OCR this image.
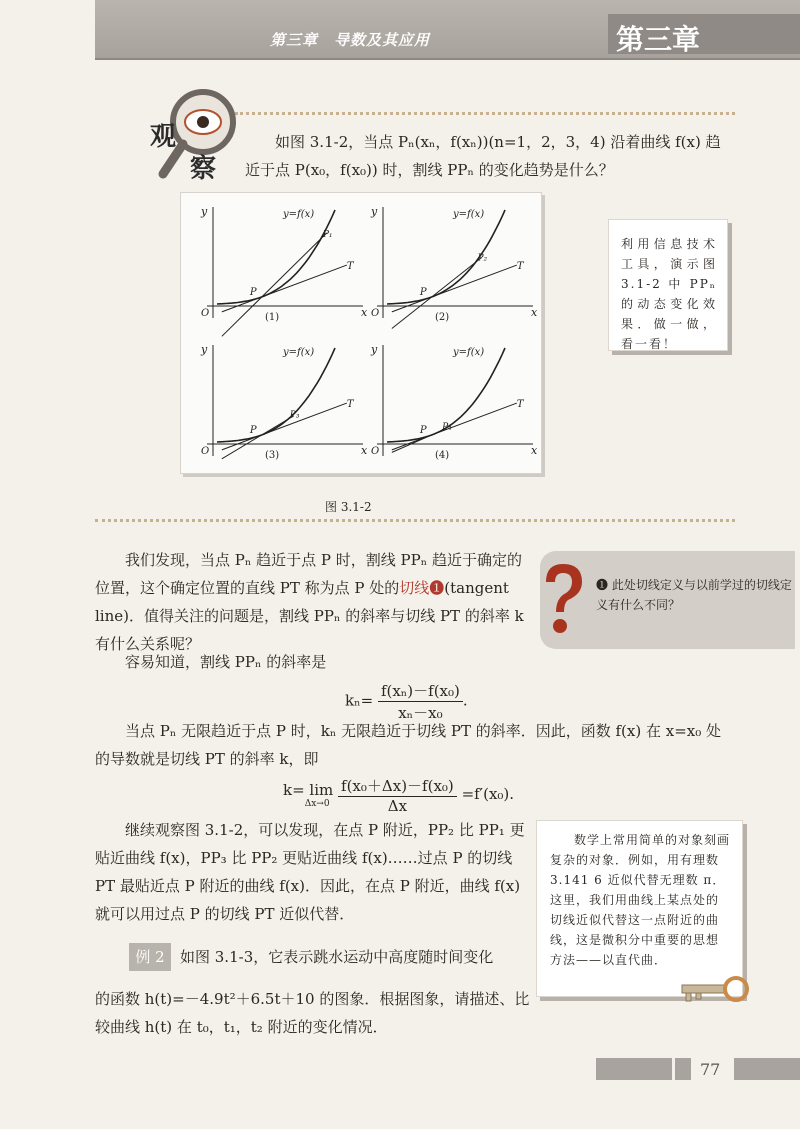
第三章　导数及其应用	第三章
观
察
如图 3.1-2，当点 Pₙ(xₙ，f(xₙ))(n=1，2，3，4) 沿着曲线 f(x) 趋近于点 P(x₀，f(x₀)) 时，割线 PPₙ 的变化趋势是什么？
x
y
O
T
P₁
P
y=f(x)
(1)	x
y
O
T
P₂
P
y=f(x)
(2)
x
y
O
T
P₃
P
y=f(x)
(3)	x
y
O
T
P₄
P
y=f(x)
(4)
图 3.1-2
利用信息技术工具，演示图 3.1-2 中 PPₙ 的动态变化效果．做一做，看一看！
我们发现，当点 Pₙ 趋近于点 P 时，割线 PPₙ 趋近于确定的位置，这个确定位置的直线 PT 称为点 P 处的切线❶(tangent line)．值得关注的问题是，割线 PPₙ 的斜率与切线 PT 的斜率 k 有什么关系呢？
❶ 此处切线定义与以前学过的切线定义有什么不同？
容易知道，割线 PPₙ 的斜率是
$k_n= \frac{\text{f(xₙ)－f(x₀)}}{\text{xₙ－x₀}}$ .
当点 Pₙ 无限趋近于点 P 时，kₙ 无限趋近于切线 PT 的斜率．因此，函数 f(x) 在 x=x₀ 处的导数就是切线 PT 的斜率 k，即
k= lim
Δx→0
$\frac{\text{f(x₀＋Δx)－f(x₀)}}{\Delta x} =f'(x_0)$.
继续观察图 3.1-2，可以发现，在点 P 附近，PP₂ 比 PP₁ 更贴近曲线 f(x)，PP₃ 比 PP₂ 更贴近曲线 f(x)……过点 P 的切线 PT 最贴近点 P 附近的曲线 f(x)．因此，在点 P 附近，曲线 f(x) 就可以用过点 P 的切线 PT 近似代替．
数学上常用简单的对象刻画复杂的对象．例如，用有理数 3.141 6 近似代替无理数 π．这里，我们用曲线上某点处的切线近似代替这一点附近的曲线，这是微积分中重要的思想方法——以直代曲．
例 2	如图 3.1-3，它表示跳水运动中高度随时间变化
的函数 h(t)=－4.9t²＋6.5t＋10 的图象．根据图象，请描述、比较曲线 h(t) 在 t₀，t₁，t₂ 附近的变化情况．
77
